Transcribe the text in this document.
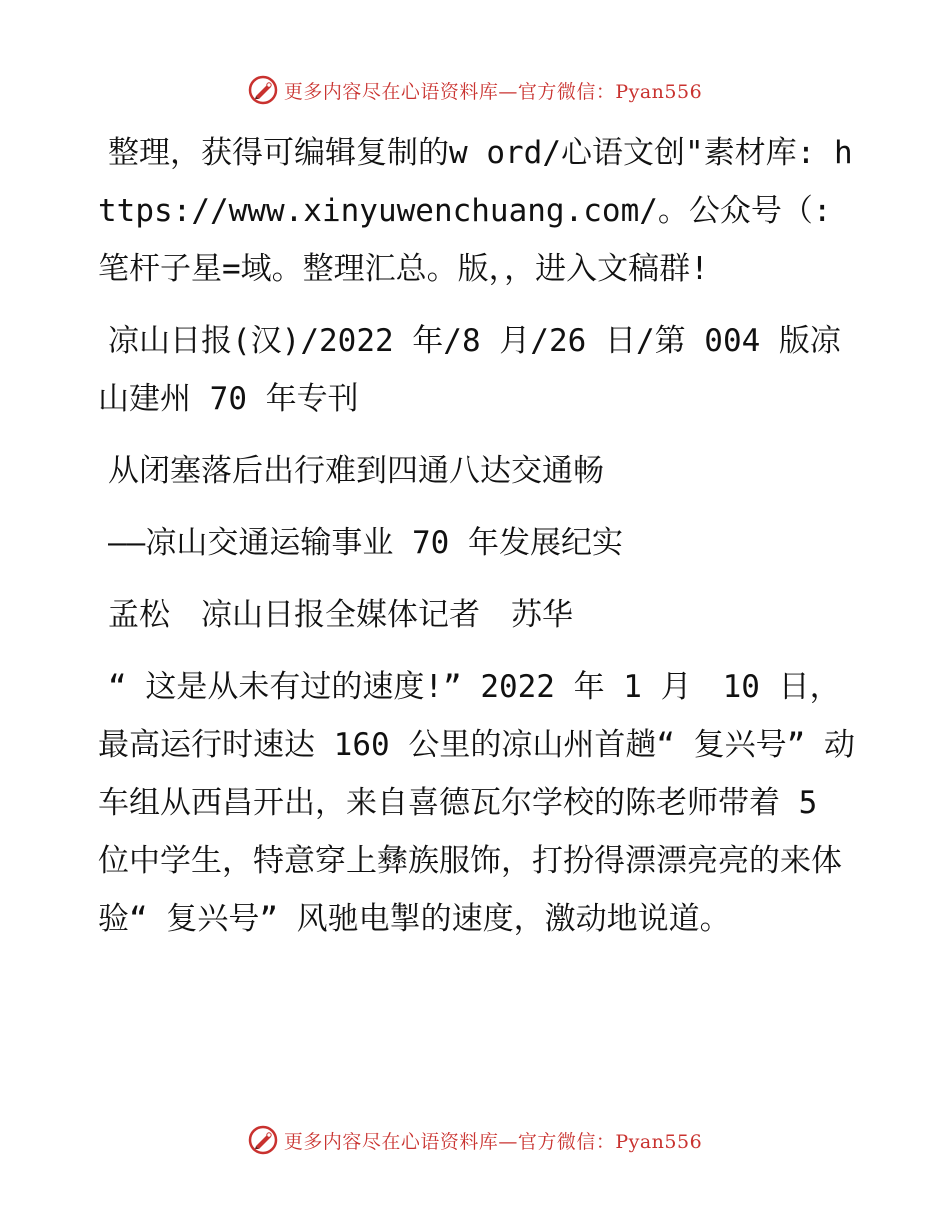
更多内容尽在心语资料库—官方微信：Pyan556

整理，获得可编辑复制的w ord/心语文创"素材库: https://www.xinyuwenchuang.com/。公众号（: 笔杆子星=域。整理汇总。版，，进入文稿群!

凉山日报(汉)/2022 年/8 月/26 日/第 004 版凉山建州 70 年专刊

从闭塞落后出行难到四通八达交通畅

——凉山交通运输事业 70 年发展纪实

孟松　凉山日报全媒体记者　苏华

“ 这是从未有过的速度!” 2022 年 1 月　10 日，最高运行时速达 160 公里的凉山州首趟“ 复兴号” 动车组从西昌开出，来自喜德瓦尔学校的陈老师带着 5 位中学生，特意穿上彝族服饰，打扮得漂漂亮亮的来体验“ 复兴号” 风驰电掣的速度，激动地说道。

更多内容尽在心语资料库—官方微信：Pyan556
